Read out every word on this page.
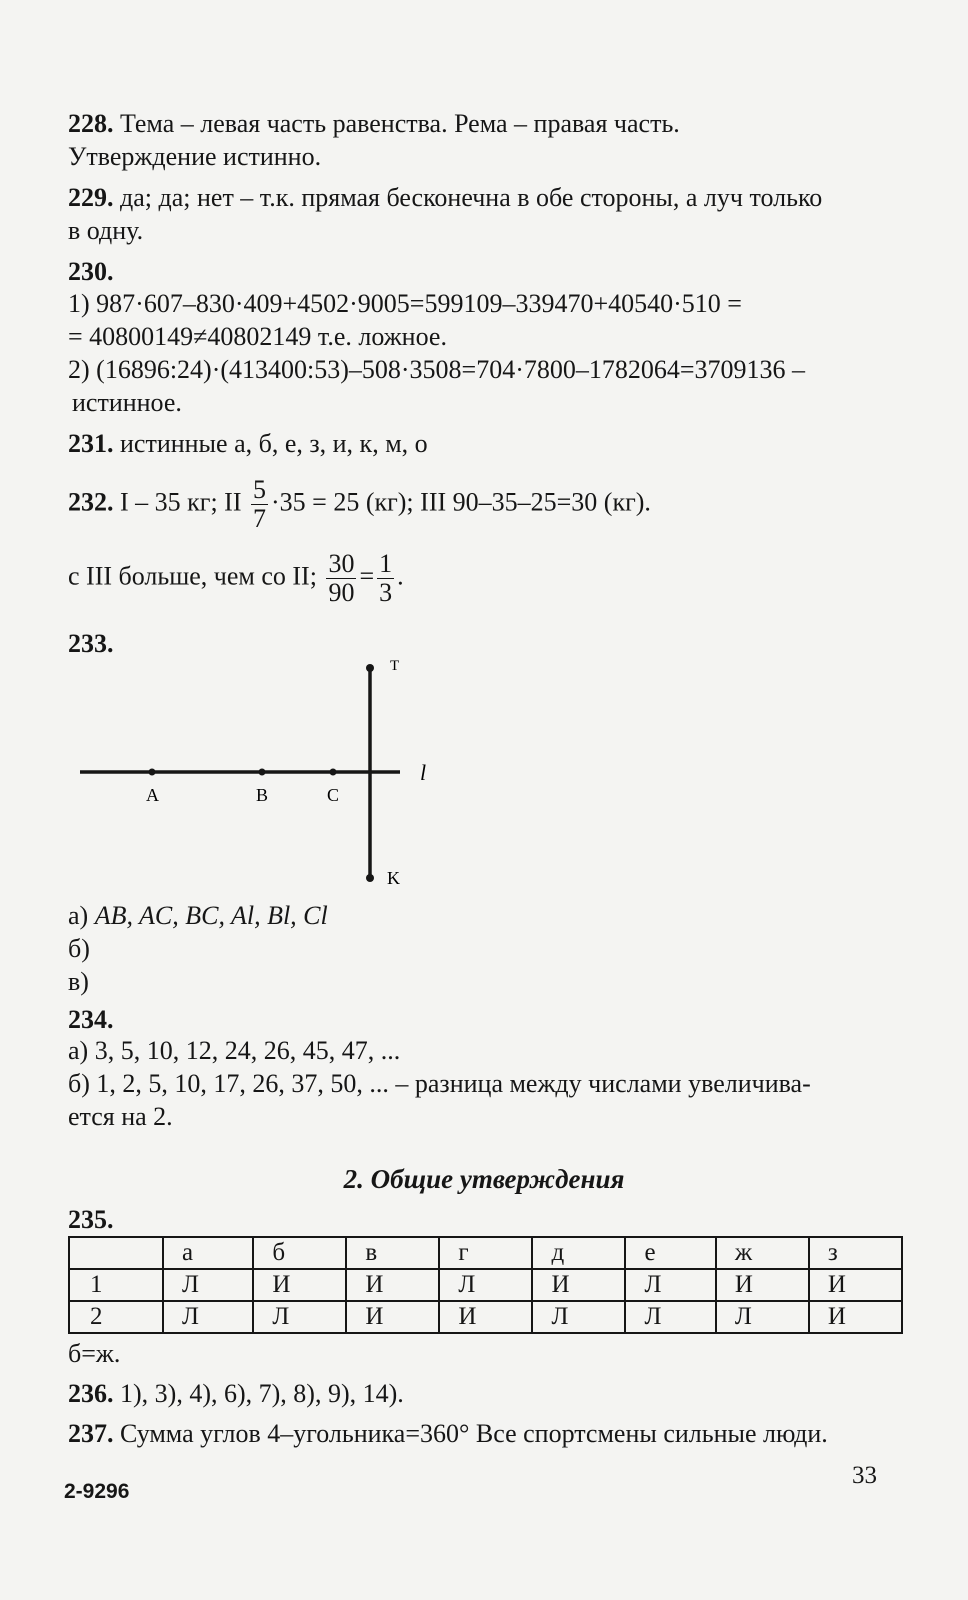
228. Тема – левая часть равенства. Рема – правая часть.
Утверждение истинно.
229. да; да; нет – т.к. прямая бесконечна в обе стороны, а луч только
в одну.
230.
1) 987·607–830·409+4502·9005=599109–339470+40540·510 =
= 40800149≠40802149 т.е. ложное.
2) (16896:24)·(413400:53)–508·3508=704·7800–1782064=3709136 –
истинное.
231. истинные а, б, е, з, и, к, м, о
232. I – 35 кг; II $\frac{5}{7} \cdot 35 = 25$ (кг); III 90–35–25=30 (кг).
с III больше, чем со II; $\frac{30}{90} = \frac{1}{3}$ .
233.
A	B	C
l
T
K
а) AB, AC, BC, Al, Bl, Cl
б)
в)
234.
а) 3, 5, 10, 12, 24, 26, 45, 47, ...
б) 1, 2, 5, 10, 17, 26, 37, 50, ... – разница между числами увеличива-
ется на 2.
2. Общие утверждения
235.
	а	б	в	г	д	е	ж	з
1	Л	И	И	Л	И	Л	И	И
2	Л	Л	И	И	Л	Л	Л	И
б=ж.
236. 1), 3), 4), 6), 7), 8), 9), 14).
237. Сумма углов 4–угольника=360° Все спортсмены сильные люди.
2-9296
33
